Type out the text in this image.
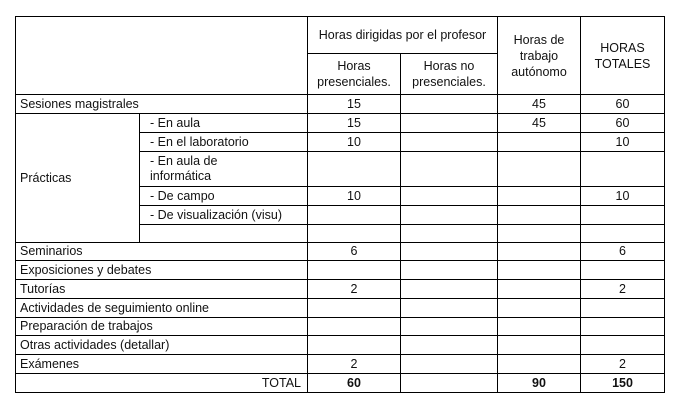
		Horas dirigidas por el profesor		Horas de trabajo autónomo	HORAS TOTALES
		Horas presenciales.	Horas no presenciales.		
Sesiones magistrales		15		45	60
Prácticas	- En aula	15		45	60
	- En el laboratorio	10			10
	- En aula de informática				
	- De campo	10			10
	- De visualización (visu)				

Seminarios		6			6
Exposiciones y debates					
Tutorías		2			2
Actividades de seguimiento online					
Preparación de trabajos					
Otras actividades (detallar)					
Exámenes		2			2
TOTAL		60		90	150
